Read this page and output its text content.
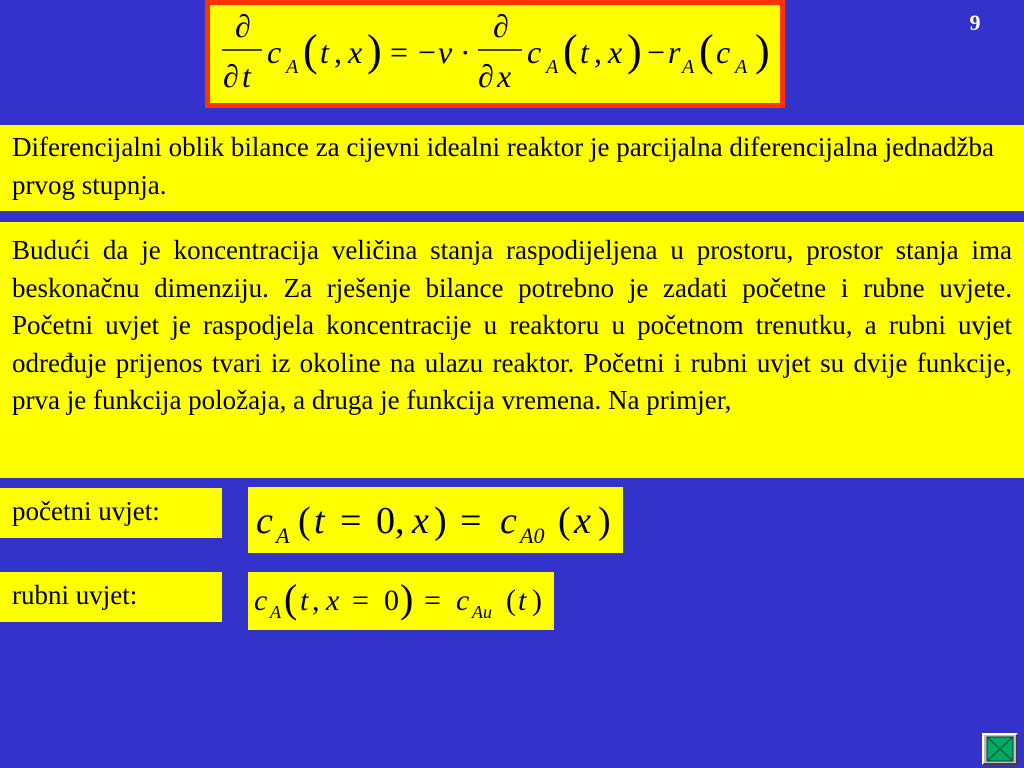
9
∂
∂ t
c A ( t , x ) = − v ·
∂
∂ x
c A ( t , x ) − r A ( c A )
Diferencijalni oblik bilance za cijevni idealni reaktor je parcijalna diferencijalna jednadžba prvog stupnja.
Budući da je koncentracija veličina stanja raspodijeljena u prostoru, prostor stanja ima beskonačnu dimenziju. Za rješenje bilance potrebno je zadati početne i rubne uvjete. Početni uvjet je raspodjela koncentracije u reaktoru u početnom trenutku, a rubni uvjet određuje prijenos tvari iz okoline na ulazu reaktor. Početni i rubni uvjet su dvije funkcije, prva je funkcija položaja, a druga je funkcija vremena. Na primjer,
početni uvjet:	c A ( t = 0 , x ) = c A0 ( x )
rubni uvjet:	c A ( t , x = 0 ) = c Au ( t )
